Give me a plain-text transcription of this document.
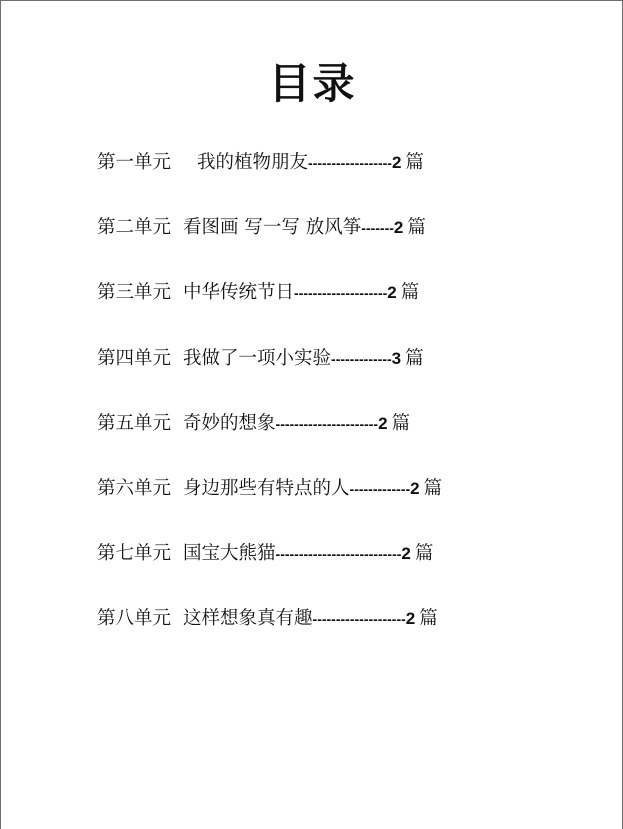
目录
第一单元 我的植物朋友 ------------------ 2 篇
第二单元 看图画 写一写 放风筝 ------- 2 篇
第三单元 中华传统节日 -------------------- 2 篇
第四单元 我做了一项小实验 ------------- 3 篇
第五单元 奇妙的想象 ---------------------- 2 篇
第六单元 身边那些有特点的人 ------------- 2 篇
第七单元 国宝大熊猫 --------------------------- 2 篇
第八单元 这样想象真有趣 -------------------- 2 篇
